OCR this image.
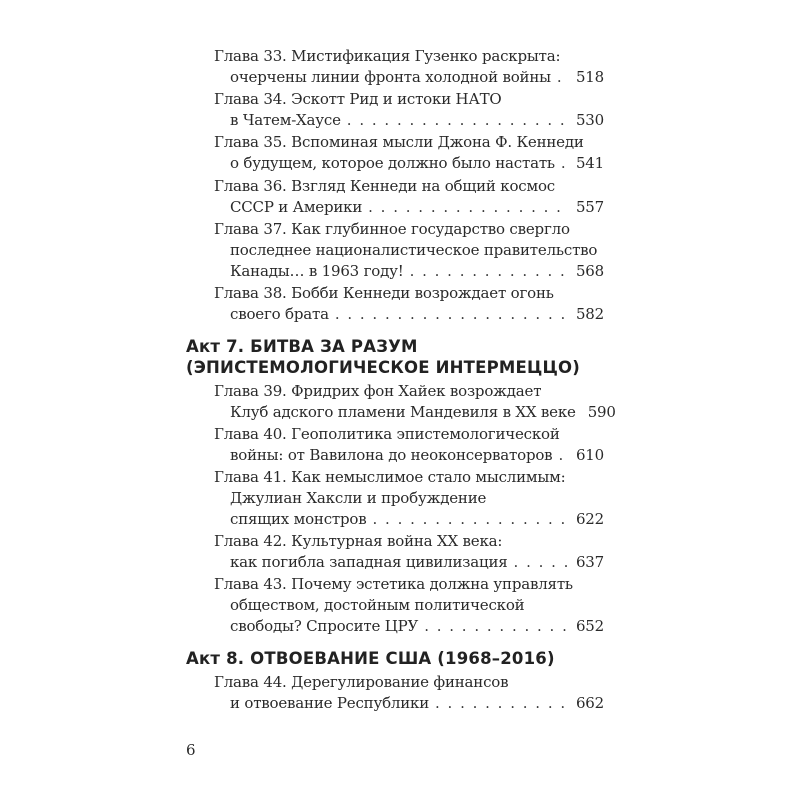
Глава 33. Мистификация Гузенко раскрыта:
очерчены линии фронта холодной войны . . . 518
Глава 34. Эскотт Рид и истоки НАТО
в Чатем-Хаусе . . .	530
Глава 35. Вспоминая мысли Джона Ф. Кеннеди
о будущем, которое должно было настать . . . 541
Глава 36. Взгляд Кеннеди на общий космос
СССР и Америки . . .	557
Глава 37. Как глубинное государство свергло
последнее националистическое правительство
Канады… в 1963 году! . . .	568
Глава 38. Бобби Кеннеди возрождает огонь
своего брата . . .	582
Акт 7. БИТВА ЗА РАЗУМ
(ЭПИСТЕМОЛОГИЧЕСКОЕ ИНТЕРМЕЦЦО)
Глава 39. Фридрих фон Хайек возрождает
Клуб адского пламени Мандевиля в XX веке 590
Глава 40. Геополитика эпистемологической
войны: от Вавилона до неоконсерваторов . . . 610
Глава 41. Как немыслимое стало мыслимым:
Джулиан Хаксли и пробуждение
спящих монстров . . .	622
Глава 42. Культурная война XX века:
как погибла западная цивилизация . . .	637
Глава 43. Почему эстетика должна управлять
обществом, достойным политической
свободы? Спросите ЦРУ . . .	652
Акт 8. ОТВОЕВАНИЕ США (1968–2016)
Глава 44. Дерегулирование финансов
и отвоевание Республики . . .	662
6
